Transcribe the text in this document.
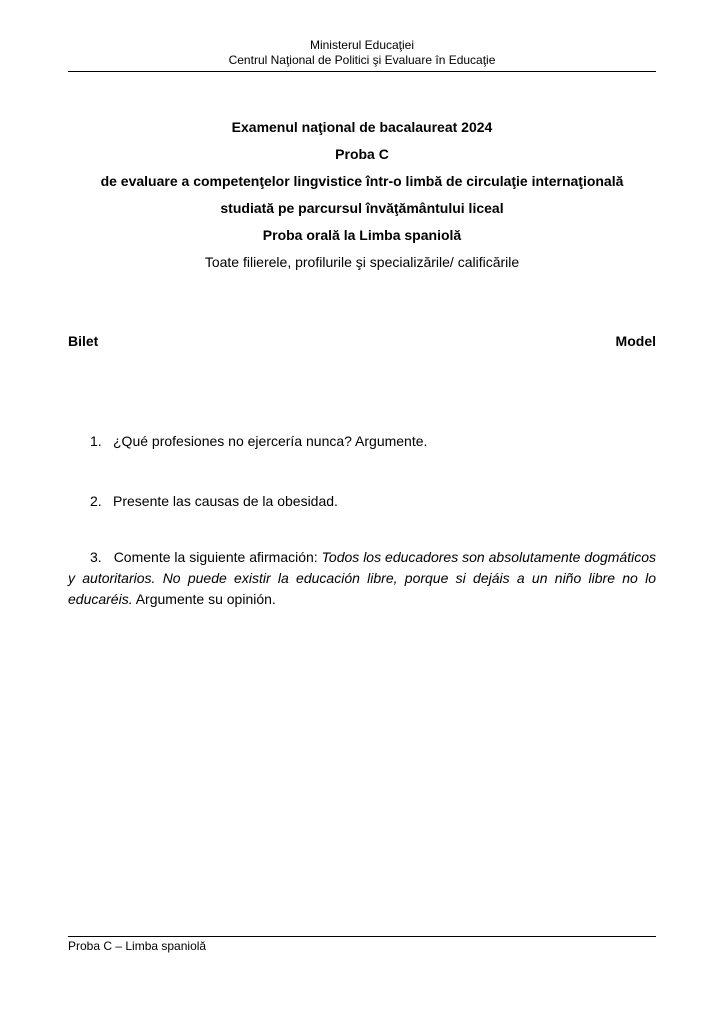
Ministerul Educaţiei
Centrul Naţional de Politici şi Evaluare în Educaţie
Examenul naţional de bacalaureat 2024
Proba C
de evaluare a competenţelor lingvistice într-o limbă de circulaţie internaţională
studiată pe parcursul învăţământului liceal
Proba orală la Limba spaniolă
Toate filierele, profilurile şi specializările/ calificările
Bilet	Model
1. ¿Qué profesiones no ejercería nunca? Argumente.
2. Presente las causas de la obesidad.

3. Comente la siguiente afirmación: Todos los educadores son absolutamente dogmáticos y autoritarios. No puede existir la educación libre, porque si dejáis a un niño libre no lo educaréis. Argumente su opinión.

Proba C – Limba spaniolă
